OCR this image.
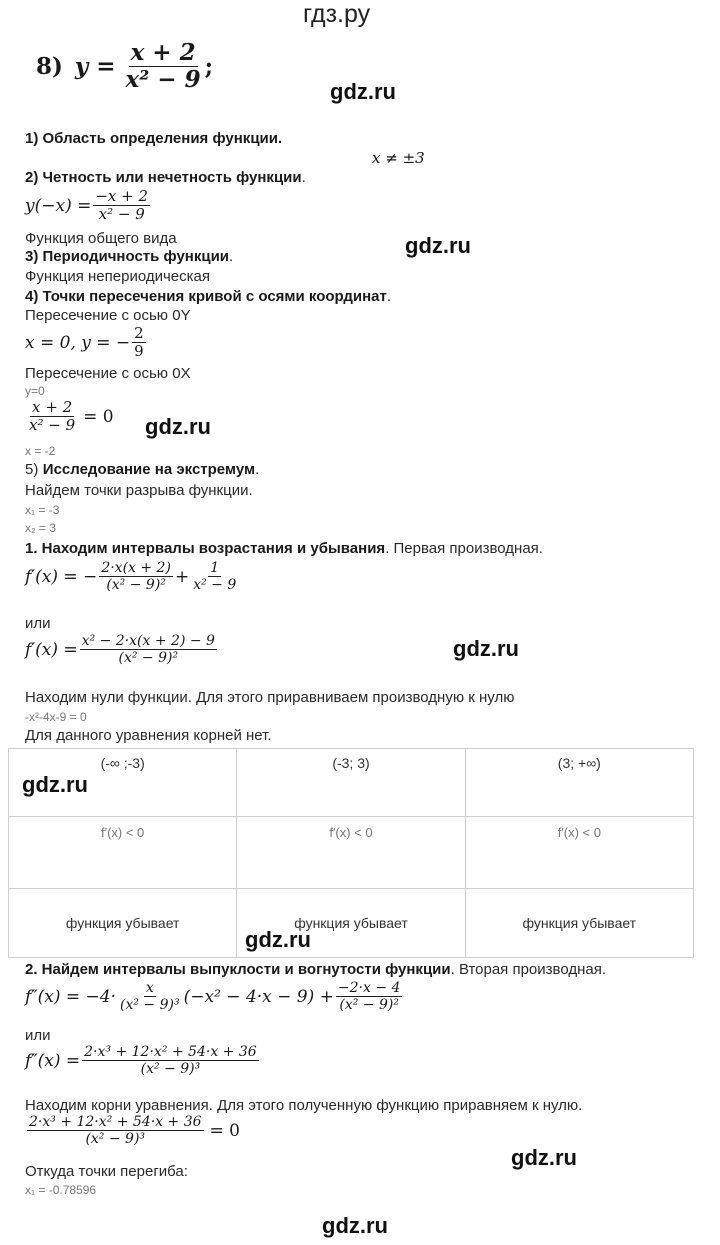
гдз.ру
8) $y = \frac{x + 2}{\text{x² − 9}}$ ;
gdz.ru
1) Область определения функции.
x ≠ ±3
2) Четность или нечетность функции.
$y(-x) = \frac{-x + 2}{\text{x² − 9}}$
Функция общего вида	gdz.ru
3) Периодичность функции.
Функция непериодическая
4) Точки пересечения кривой с осями координат.
Пересечение с осью 0Y
x = 0, y = − $\frac{2}{9}$
Пересечение с осью 0X
y=0
$\frac{x + 2}{\text{x² − 9}} = 0$ gdz.ru
x = -2
5) Исследование на экстремум.
Найдем точки разрыва функции.
x₁ = -3
x₂ = 3
1. Находим интервалы возрастания и убывания. Первая производная.
f′(x) = − $\frac{2\cdot x(x + 2)}{\text{(x² − 9)²}} + \frac{1}{\text{x² − 9}}$
или
$f'(x) = \frac{\text{x² − 2·x(x + 2) − 9}}{\text{(x² − 9)²}}$	gdz.ru
Находим нули функции. Для этого приравниваем производную к нулю
-x²-4x-9 = 0
Для данного уравнения корней нет.
(-∞ ;-3)	(-3; 3)	(3; +∞)
f′(x) < 0	f′(x) < 0	f′(x) < 0
функция убывает	функция убывает	функция убывает
gdz.ru
gdz.ru
2. Найдем интервалы выпуклости и вогнутости функции. Вторая производная.
$f''(x) = -4\cdot \frac{x}{\text{(x² − 9)³}} (-x^2 - 4\cdot x - 9) + \frac{-2\cdot x - 4}{\text{(x² − 9)²}}$
или
$f''(x) = \frac{\text{2·x³ + 12·x² + 54·x + 36}}{\text{(x² − 9)³}}$
Находим корни уравнения. Для этого полученную функцию приравняем к нулю.
$\frac{\text{2·x³ + 12·x² + 54·x + 36}}{\text{(x² − 9)³}} = 0$
gdz.ru
Откуда точки перегиба:
x₁ = -0.78596
gdz.ru
